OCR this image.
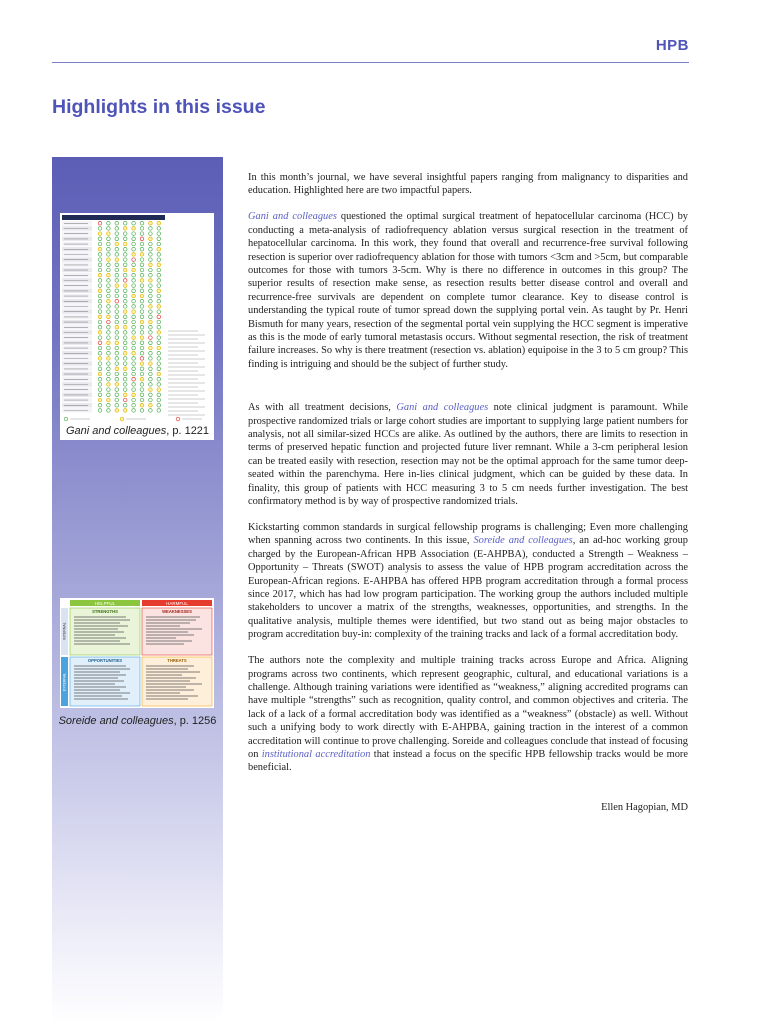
HPB
Highlights in this issue
Gani and colleagues, p. 1221
HELPFUL	HARMFUL
INTERNAL
EXTERNAL
STRENGTHS	WEAKNESSES
OPPORTUNITIES	THREATS
Soreide and colleagues, p. 1256

In this month’s journal, we have several insightful papers ranging from malignancy to disparities and education. Highlighted here are two impactful papers.

Gani and colleagues questioned the optimal surgical treatment of hepatocellular carcinoma (HCC) by conducting a meta-analysis of radiofrequency ablation versus surgical resection in the treatment of hepatocellular carcinoma. In this work, they found that overall and recurrence-free survival following resection is superior over radiofrequency ablation for those with tumors <3cm and >5cm, but comparable outcomes for those with tumors 3-5cm. Why is there no difference in outcomes in this group? The superior results of resection make sense, as resection results better disease control and overall and recurrence-free survivals are dependent on complete tumor clearance. Key to disease control is understanding the typical route of tumor spread down the supplying portal vein. As taught by Pr. Henri Bismuth for many years, resection of the segmental portal vein supplying the HCC segment is imperative as this is the mode of early tumoral metastasis occurs. Without segmental resection, the risk of treatment failure increases. So why is there treatment (resection vs. ablation) equipoise in the 3 to 5 cm group? This finding is intriguing and should be the subject of further study.

As with all treatment decisions, Gani and colleagues note clinical judgment is paramount. While prospective randomized trials or large cohort studies are important to supplying large patient numbers for analysis, not all similar-sized HCCs are alike. As outlined by the authors, there are limits to resection in terms of preserved hepatic function and projected future liver remnant. While a 3-cm peripheral lesion can be treated easily with resection, resection may not be the optimal approach for the same tumor deep-seated within the parenchyma. Here in-lies clinical judgment, which can be guided by these data. In finality, this group of patients with HCC measuring 3 to 5 cm needs further investigation. The best confirmatory method is by way of prospective randomized trials.

Kickstarting common standards in surgical fellowship programs is challenging; Even more challenging when spanning across two continents. In this issue, Soreide and colleagues, an ad-hoc working group charged by the European-African HPB Association (E-AHPBA), conducted a Strength – Weakness – Opportunity – Threats (SWOT) analysis to assess the value of HPB program accreditation across the European-African regions. E-AHPBA has offered HPB program accreditation through a formal process since 2017, which has had low program participation. The working group the authors included multiple stakeholders to uncover a matrix of the strengths, weaknesses, opportunities, and strengths. In the qualitative analysis, multiple themes were identified, but two stand out as being major obstacles to program accreditation buy-in: complexity of the training tracks and lack of a formal accreditation body.

The authors note the complexity and multiple training tracks across Europe and Africa. Aligning programs across two continents, which represent geographic, cultural, and educational variations is a challenge. Although training variations were identified as “weakness,” aligning accredited programs can have multiple “strengths” such as recognition, quality control, and common objectives and criteria. The lack of a lack of a formal accreditation body was identified as a “weakness” (obstacle) as well. Without such a unifying body to work directly with E-AHPBA, gaining traction in the interest of a common accreditation will continue to prove challenging. Soreide and colleagues conclude that instead of focusing on institutional accreditation that instead a focus on the specific HPB fellowship tracks would be more beneficial.

Ellen Hagopian, MD
